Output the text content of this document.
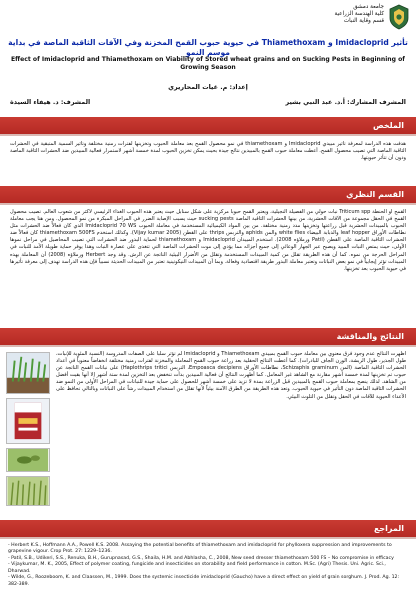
جامعة دمشق
كلية الهندسة الزراعية
قسم وقاية النبات
تأثير Imidacloprid و Thiamethoxam في حيوية حبوب القمح المخزنة وفي الآفات الثاقبة الماصة في بداية موسم النمو
Effect of Imidacloprid and Thiamethoxam on Viability of Stored wheat grains and on Sucking Pests in Beginning of Growing Season
إعداد: م. غيات المحاريري
المشرف المشارك: أ.د. عبد النبي بشير
المشرف: د. هيفاء السيدة
الملخص
هدفت هذه الدراسة لمعرفة تأثير مبيدي Imidacloprid و thiamethoxam في نمو محصول القمح بعد معاملة الحبوب وتخزينها لفترات زمنية مختلفة وتأثير السمية المتبقية في الحشرات الثاقبة الماصة التي تصيب محصول القمح. أعطت معاملة حبوب القمح بالمبيدين نتائج جيدة بحيث يمكن تخزين الحبوب لمدة خمسة أشهر لاستمرار فعالية المبيدين ضد الحشرات الثاقبة الماصة ودون أن تتأثر حيويتها.
القسم النظري
القمح أو الحنطة Triticum spp نبات حولي من الفصيلة النجيلية، ويعتبر القمح حبوباً مركزية على شكل سنابل حيث يعتبر هذه الحبوب الغذاء الرئيسي لأكثر من شعوب العالم. تصيب محصول القمح في الحقل مجموعة من الآفات الحشرية، من بينها الحشرات الثاقبة الماصة sucking pests حيث يسبب الإصابة الضرر في المراحل المبكرة من نمو المحصول. ومن هنا يجب معاملة الحبوب بالمبيدات الحشرية قبل زراعتها وتخزينها مدد زمنية مختلفة. من بين المواد الكيميائية المستخدمة في معاملة الحبوب Imidacloprid 70 WS الذي كان فعالاً ضد الحشرات مثل نطاطات الأوراق leaf hopper والذبابة البيضاء white flies والمن aphids والتربس thrips على القطن (Vijay kumar 2005). وكذلك استخدم thiamethoxam 500FS كان فعالاً ضد الحشرات الثاقبة الماصة على القطن (Patil وزملاؤه 2008). استخدم المبيدان Imidacloprid و thiamethoxam لحماية البذور ضد الحشرات التي تصيب المحاصيل في مراحل نموها الأولى، حيث يمتص النبات المبيد ويصبح عبر الجهاز الوعائي إلى جميع أجزائه مما يؤدي إلى موت الحشرات الماصة التي تتغذى على عصارة النبات وهذا يوفر حماية طويلة الأمد للنبات في المراحل الحرجة من نموه. كما أن هذه الطريقة تقلل من كمية المبيدات المستخدمة وتقلل من الأضرار البيئية الناتجة عن الرش. وقد وجد Herbert وزملاؤه (2008) أن المعاملة بهذه المبيدات تؤثر إيجابياً في نمو بعض النباتات وتعتبر معاملة البذور طريقة اقتصادية وفعالة. وبما أن المبيدات النيكوتينية تعتبر من المبيدات الحديثة نسبياً فإن هذه الدراسة تهدف إلى معرفة تأثيرها في حيوية الحبوب بعد تخزينها.
النتائج والمناقشة
أظهرت النتائج عدم وجود فرق معنوي بين معاملة حبوب القمح بمبيدي Thiamethoxam و Imidacloprid لم تؤثر سلباً على الصفات المدروسة (النسبة المئوية للإنبات، طول الجذير، طول الريشة، الوزن الجاف للبادرات). كما أعطت النتائج الحقلية بعد زراعة حبوب القمح المعاملة والمخزنة لفترات زمنية مختلفة انخفاضاً معنوياً في أعداد الحشرات الثاقبة الماصة (المن Schizaphis graminum، نطاطات الأوراق Empoasca decipiens، التربس Haplothrips tritici) على نباتات القمح الناتجة عن حبوب تم تخزينها لمدة خمسة أشهر مقارنة مع الشاهد غير المعامل. كما أظهرت النتائج أن فعالية المبيدين بدأت تنخفض بعد التخزين لمدة ستة أشهر إلا أنها بقيت أفضل من الشاهد. لذلك ينصح بمعاملة حبوب القمح بالمبيدين قبل الزراعة بمدة لا تزيد على خمسة أشهر للحصول على حماية جيدة للنباتات في المراحل الأولى من النمو ضد الحشرات الثاقبة الماصة دون التأثير في حيوية الحبوب. وتعد هذه الطريقة من الطرق الآمنة بيئياً لأنها تقلل من استخدام المبيدات رشاً على النباتات وبالتالي تحافظ على الأعداء الحيوية للآفات في الحقل وتقلل من التلوث البيئي.
المراجع

- Herbert K.S., Hoffmann A.A., Powell K.S. 2008. Assaying the potential benefits of thiamethoxam and imidacloprid for phylloxera suppression and improvements to grapevine vigour. Crop Prot. 27: 1229–1236.

- Patil, S.B., Udikeri, S.S., Renuka, B.H., Gurupnasad, G.S., Shaila, H.M. and Abhlasha, C., 2008, New seed dresser thiamethoxam 500 FS – No compromise in efficacy

- Vijaykumar, M. K., 2005, Effect of polymer coating, fungicide and insecticides on storability and field performance in cotton. M.Sc. (Agri) Thesis. Uni. Agric. Sci., Dharwad.

- Wilde, G., Roozeboom, K. and Claassen, M., 1999. Does the systemic insecticide imidacloprid (Gaucho) have a direct effect on yield of grain sorghum. J. Prod. Ag. 12: 382-389.
